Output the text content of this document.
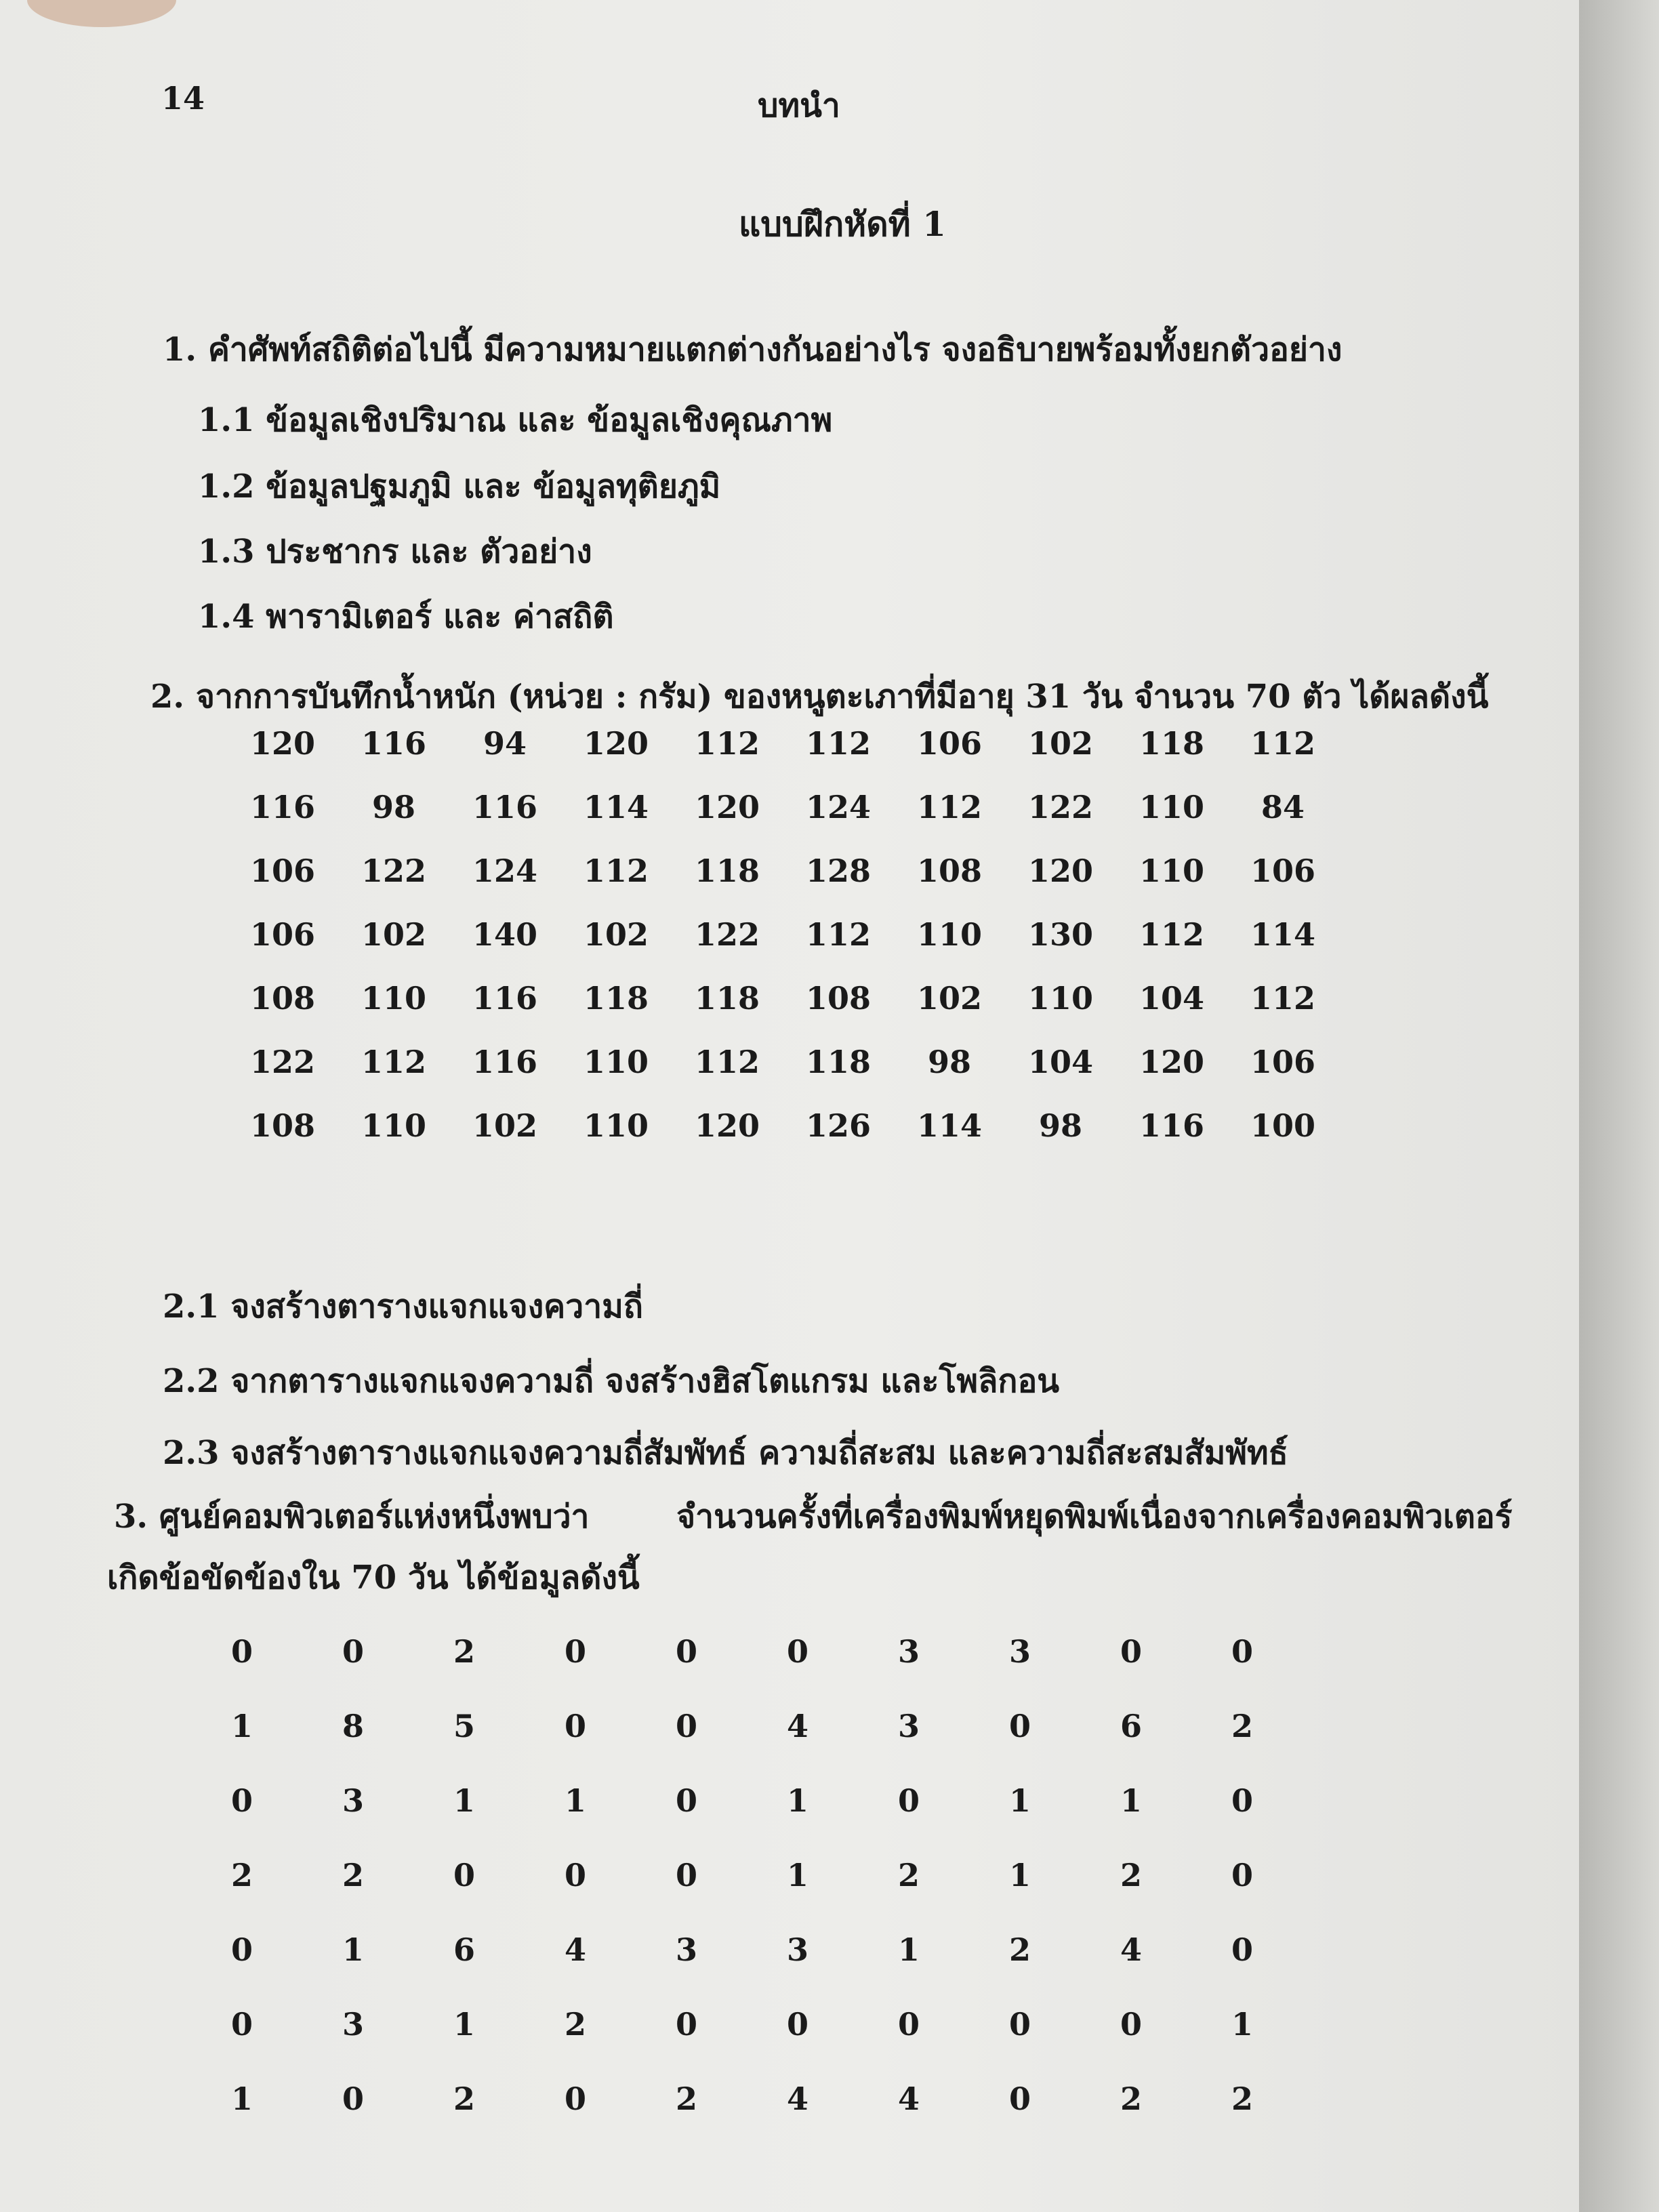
14	บทนำ
แบบฝึกหัดที่ 1
1. คำศัพท์สถิติต่อไปนี้ มีความหมายแตกต่างกันอย่างไร จงอธิบายพร้อมทั้งยกตัวอย่าง
1.1 ข้อมูลเชิงปริมาณ และ ข้อมูลเชิงคุณภาพ
1.2 ข้อมูลปฐมภูมิ และ ข้อมูลทุติยภูมิ
1.3 ประชากร และ ตัวอย่าง
1.4 พารามิเตอร์ และ ค่าสถิติ
2. จากการบันทึกน้ำหนัก (หน่วย : กรัม) ของหนูตะเภาที่มีอายุ 31 วัน จำนวน 70 ตัว ได้ผลดังนี้
120	116	94	120	112	112	106	102	118	112
116	98	116	114	120	124	112	122	110	84
106	122	124	112	118	128	108	120	110	106
106	102	140	102	122	112	110	130	112	114
108	110	116	118	118	108	102	110	104	112
122	112	116	110	112	118	98	104	120	106
108	110	102	110	120	126	114	98	116	100
2.1 จงสร้างตารางแจกแจงความถี่
2.2 จากตารางแจกแจงความถี่ จงสร้างฮิสโตแกรม และโพลิกอน
2.3 จงสร้างตารางแจกแจงความถี่สัมพัทธ์ ความถี่สะสม และความถี่สะสมสัมพัทธ์
3. ศูนย์คอมพิวเตอร์แห่งหนึ่งพบว่า	จำนวนครั้งที่เครื่องพิมพ์หยุดพิมพ์เนื่องจากเครื่องคอมพิวเตอร์
เกิดข้อขัดข้องใน 70 วัน ได้ข้อมูลดังนี้
0	0	2	0	0	0	3	3	0	0
1	8	5	0	0	4	3	0	6	2
0	3	1	1	0	1	0	1	1	0
2	2	0	0	0	1	2	1	2	0
0	1	6	4	3	3	1	2	4	0
0	3	1	2	0	0	0	0	0	1
1	0	2	0	2	4	4	0	2	2
